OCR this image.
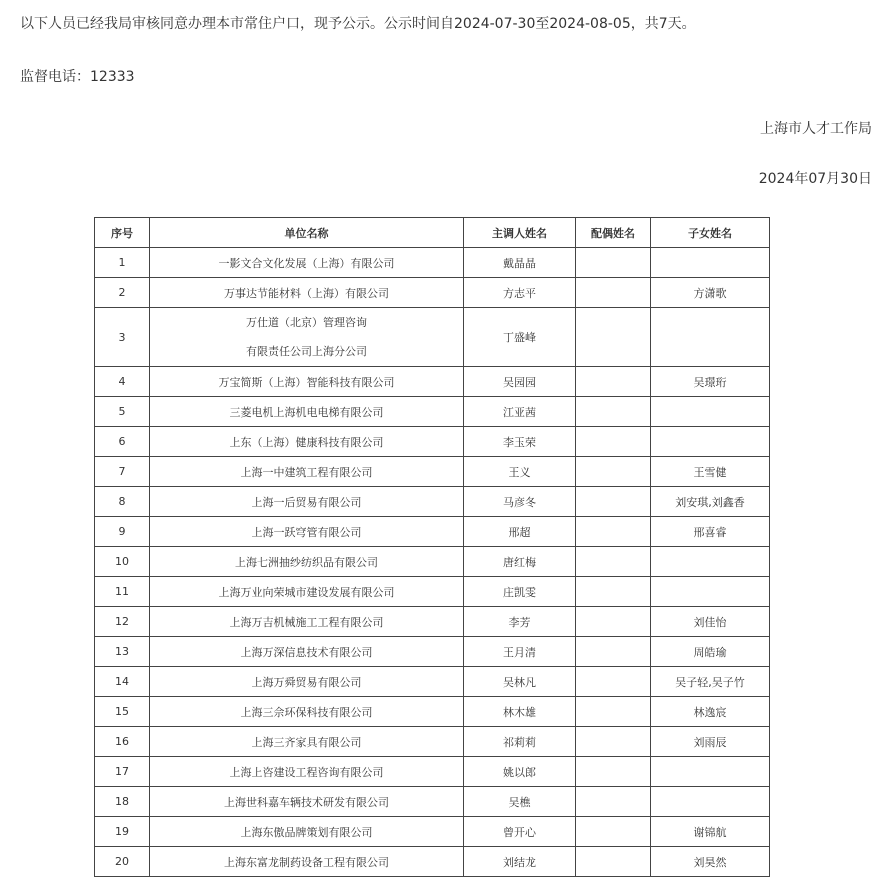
以下人员已经我局审核同意办理本市常住户口，现予公示。公示时间自2024-07-30至2024-08-05，共7天。
监督电话：12333
上海市人才工作局
2024年07月30日
序号	单位名称	主调人姓名	配偶姓名	子女姓名
1	一影文合文化发展（上海）有限公司	戴晶晶		
2	万事达节能材料（上海）有限公司	方志平		方潇歌
3	万仕道（北京）管理咨询
有限责任公司上海分公司	丁盛峰		
4	万宝简斯（上海）智能科技有限公司	吴园园		吴璟珩
5	三菱电机上海机电电梯有限公司	江亚茜		
6	上东（上海）健康科技有限公司	李玉荣		
7	上海一中建筑工程有限公司	王义		王雪健
8	上海一后贸易有限公司	马彦冬		刘安琪,刘鑫香
9	上海一跃穹管有限公司	邢超		邢喜睿
10	上海七洲抽纱纺织品有限公司	唐红梅		
11	上海万业向荣城市建设发展有限公司	庄凯雯		
12	上海万吉机械施工工程有限公司	李芳		刘佳怡
13	上海万深信息技术有限公司	王月清		周皓瑜
14	上海万舜贸易有限公司	吴林凡		吴子轻,吴子竹
15	上海三佘环保科技有限公司	林木雄		林逸宸
16	上海三齐家具有限公司	祁莉莉		刘雨辰
17	上海上咨建设工程咨询有限公司	姚以郎		
18	上海世科嘉车辆技术研发有限公司	吴樵		
19	上海东傲品牌策划有限公司	曾开心		谢锦航
20	上海东富龙制药设备工程有限公司	刘结龙		刘昊然
